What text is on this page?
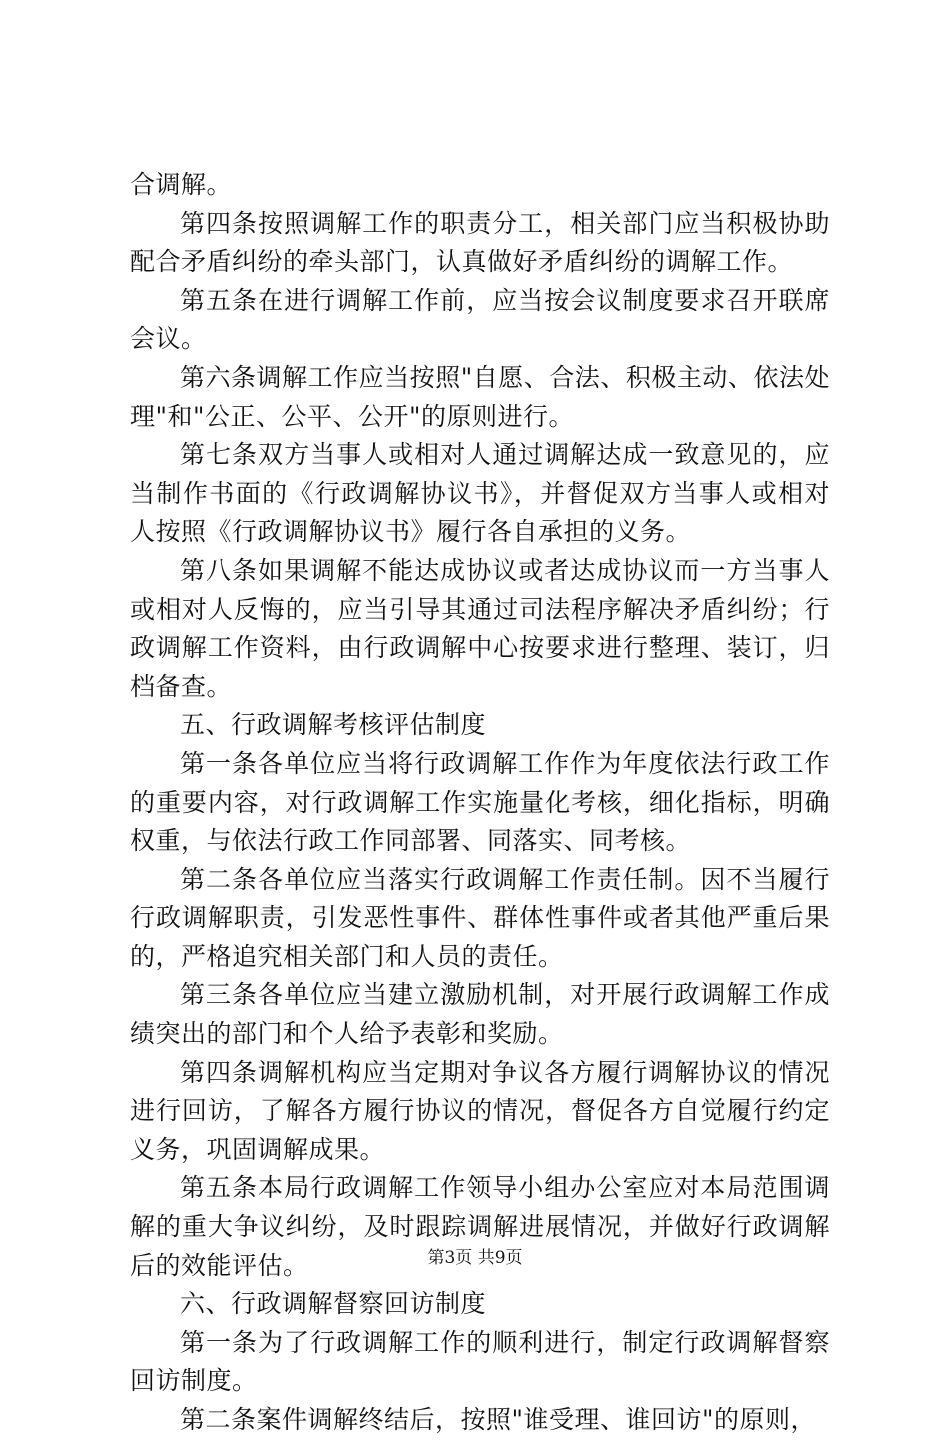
合调解。

第四条按照调解工作的职责分工，相关部门应当积极协助配合矛盾纠纷的牵头部门，认真做好矛盾纠纷的调解工作。

第五条在进行调解工作前，应当按会议制度要求召开联席会议。

第六条调解工作应当按照"自愿、合法、积极主动、依法处理"和"公正、公平、公开"的原则进行。

第七条双方当事人或相对人通过调解达成一致意见的，应当制作书面的《行政调解协议书》，并督促双方当事人或相对人按照《行政调解协议书》履行各自承担的义务。

第八条如果调解不能达成协议或者达成协议而一方当事人或相对人反悔的，应当引导其通过司法程序解决矛盾纠纷；行政调解工作资料，由行政调解中心按要求进行整理、装订，归档备查。

五、行政调解考核评估制度

第一条各单位应当将行政调解工作作为年度依法行政工作的重要内容，对行政调解工作实施量化考核，细化指标，明确权重，与依法行政工作同部署、同落实、同考核。

第二条各单位应当落实行政调解工作责任制。因不当履行行政调解职责，引发恶性事件、群体性事件或者其他严重后果的，严格追究相关部门和人员的责任。

第三条各单位应当建立激励机制，对开展行政调解工作成绩突出的部门和个人给予表彰和奖励。

第四条调解机构应当定期对争议各方履行调解协议的情况进行回访，了解各方履行协议的情况，督促各方自觉履行约定义务，巩固调解成果。

第五条本局行政调解工作领导小组办公室应对本局范围调解的重大争议纠纷，及时跟踪调解进展情况，并做好行政调解后的效能评估。

六、行政调解督察回访制度

第一条为了行政调解工作的顺利进行，制定行政调解督察回访制度。

第二条案件调解终结后，按照"谁受理、谁回访"的原则，

第3页 共9页
